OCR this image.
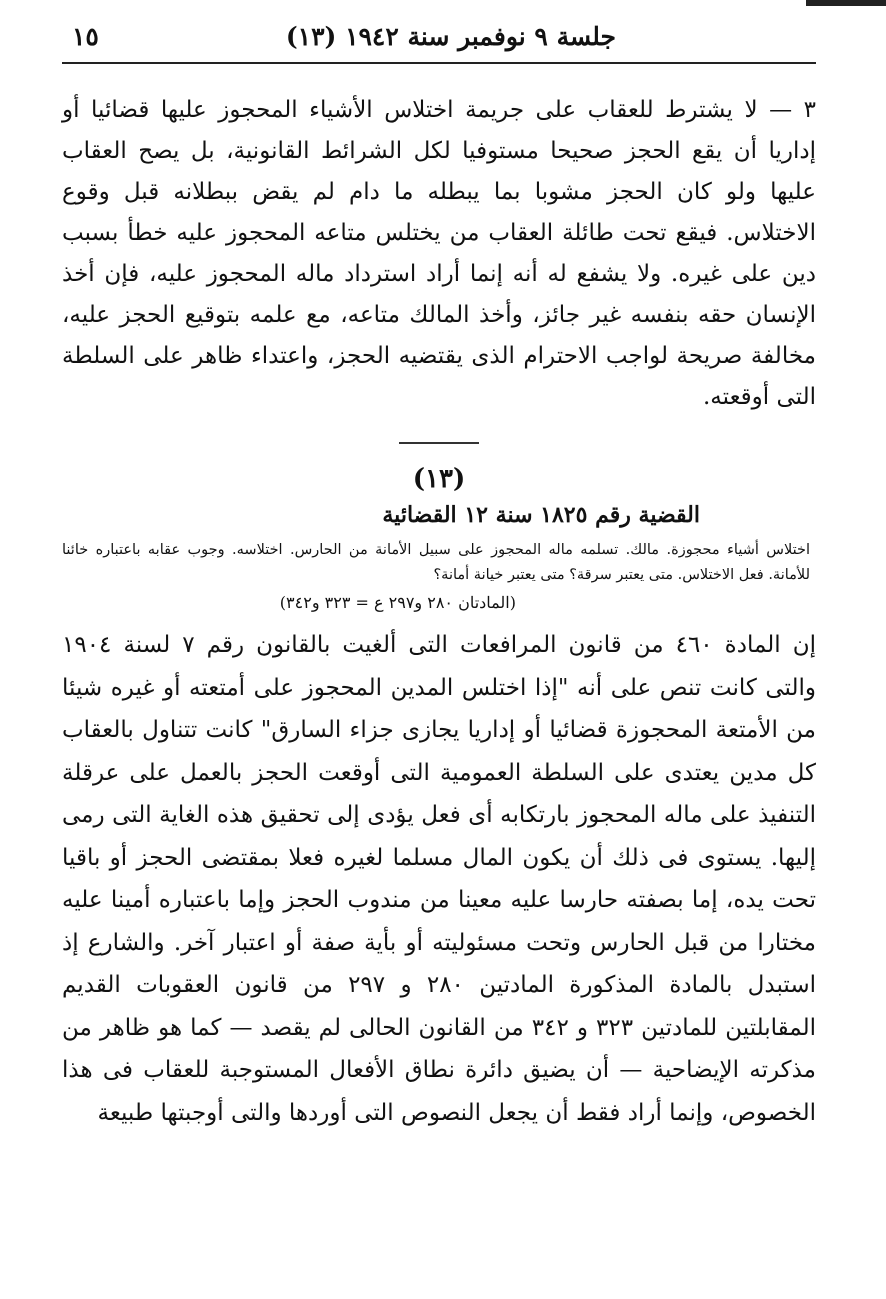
جلسة ٩ نوفمبر سنة ١٩٤٢ (١٣)
١٥

٣ — لا يشترط للعقاب على جريمة اختلاس الأشياء المحجوز عليها قضائيا أو إداريا أن يقع الحجز صحيحا مستوفيا لكل الشرائط القانونية، بل يصح العقاب عليها ولو كان الحجز مشوبا بما يبطله ما دام لم يقض ببطلانه قبل وقوع الاختلاس. فيقع تحت طائلة العقاب من يختلس متاعه المحجوز عليه خطأ بسبب دين على غيره. ولا يشفع له أنه إنما أراد استرداد ماله المحجوز عليه، فإن أخذ الإنسان حقه بنفسه غير جائز، وأخذ المالك متاعه، مع علمه بتوقيع الحجز عليه، مخالفة صريحة لواجب الاحترام الذى يقتضيه الحجز، واعتداء ظاهر على السلطة التى أوقعته.

(١٣)

القضية رقم ١٨٢٥ سنة ١٢ القضائية

اختلاس أشياء محجوزة. مالك. تسلمه ماله المحجوز على سبيل الأمانة من الحارس. اختلاسه. وجوب عقابه باعتباره خائنا للأمانة. فعل الاختلاس. متى يعتبر سرقة؟ متى يعتبر خيانة أمانة؟

(المادتان ٢٨٠ و٢٩٧ ع = ٣٢٣ و٣٤٢)

إن المادة ٤٦٠ من قانون المرافعات التى ألغيت بالقانون رقم ٧ لسنة ١٩٠٤ والتى كانت تنص على أنه "إذا اختلس المدين المحجوز على أمتعته أو غيره شيئا من الأمتعة المحجوزة قضائيا أو إداريا يجازى جزاء السارق" كانت تتناول بالعقاب كل مدين يعتدى على السلطة العمومية التى أوقعت الحجز بالعمل على عرقلة التنفيذ على ماله المحجوز بارتكابه أى فعل يؤدى إلى تحقيق هذه الغاية التى رمى إليها. يستوى فى ذلك أن يكون المال مسلما لغيره فعلا بمقتضى الحجز أو باقيا تحت يده، إما بصفته حارسا عليه معينا من مندوب الحجز وإما باعتباره أمينا عليه مختارا من قبل الحارس وتحت مسئوليته أو بأية صفة أو اعتبار آخر. والشارع إذ استبدل بالمادة المذكورة المادتين ٢٨٠ و ٢٩٧ من قانون العقوبات القديم المقابلتين للمادتين ٣٢٣ و ٣٤٢ من القانون الحالى لم يقصد — كما هو ظاهر من مذكرته الإيضاحية — أن يضيق دائرة نطاق الأفعال المستوجبة للعقاب فى هذا الخصوص، وإنما أراد فقط أن يجعل النصوص التى أوردها والتى أوجبتها طبيعة
